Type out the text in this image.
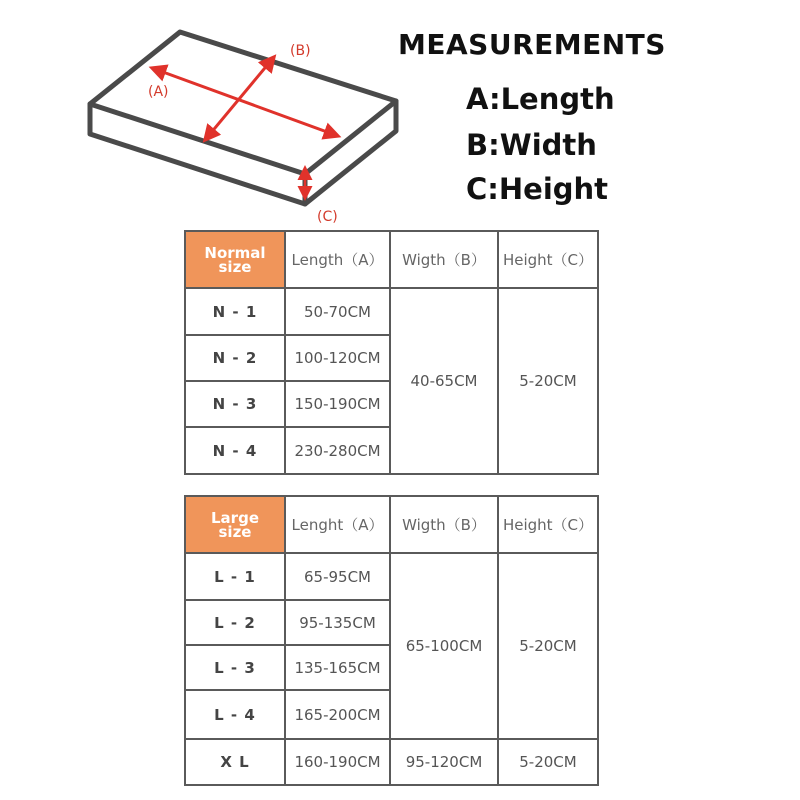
(A)
(B)
(C)
MEASUREMENTS
A:Length
B:Width
C:Height
Normal
size	Length（A）	Wigth（B）	Height（C）
N - 1	50-70CM	40-65CM	5-20CM
N - 2	100-120CM		
N - 3	150-190CM		
N - 4	230-280CM		
Large
size	Lenght（A）	Wigth（B）	Height（C）
L - 1	65-95CM	65-100CM	5-20CM
L - 2	95-135CM		
L - 3	135-165CM		
L - 4	165-200CM		
X L	160-190CM	95-120CM	5-20CM
